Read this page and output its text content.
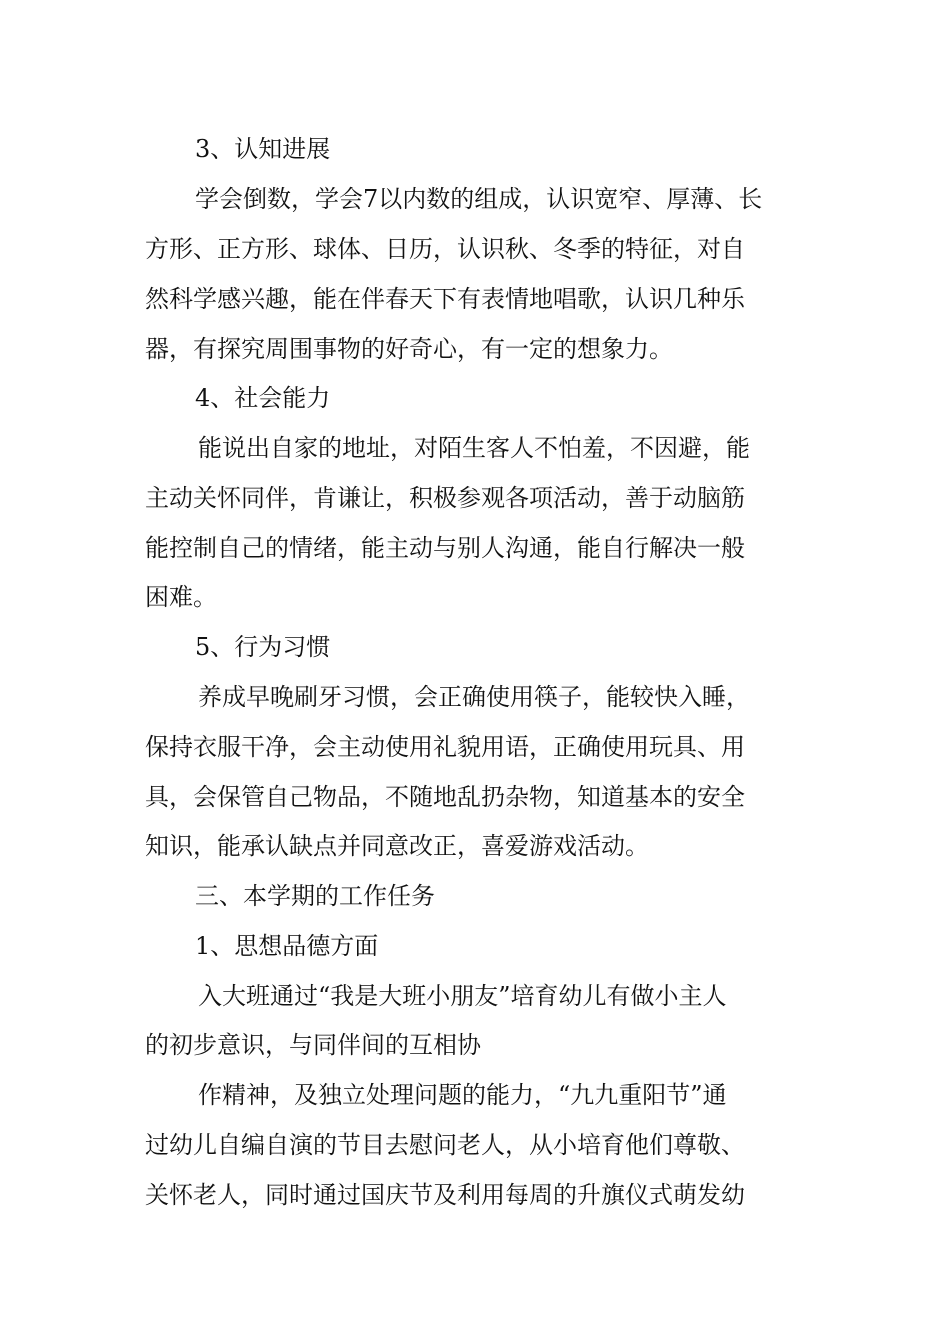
3、认知进展

学会倒数，学会7以内数的组成，认识宽窄、厚薄、长

方形、正方形、球体、日历，认识秋、冬季的特征，对自

然科学感兴趣，能在伴春天下有表情地唱歌，认识几种乐

器，有探究周围事物的好奇心，有一定的想象力。

4、社会能力

能说出自家的地址，对陌生客人不怕羞，不因避，能

主动关怀同伴，肯谦让，积极参观各项活动，善于动脑筋

能控制自己的情绪，能主动与别人沟通，能自行解决一般

困难。

5、行为习惯

养成早晚刷牙习惯，会正确使用筷子，能较快入睡，

保持衣服干净，会主动使用礼貌用语，正确使用玩具、用

具，会保管自己物品，不随地乱扔杂物，知道基本的安全

知识，能承认缺点并同意改正，喜爱游戏活动。

三、本学期的工作任务

1、思想品德方面

入大班通过“我是大班小朋友”培育幼儿有做小主人

的初步意识，与同伴间的互相协

作精神，及独立处理问题的能力，“九九重阳节”通

过幼儿自编自演的节目去慰问老人，从小培育他们尊敬、

关怀老人，同时通过国庆节及利用每周的升旗仪式萌发幼
